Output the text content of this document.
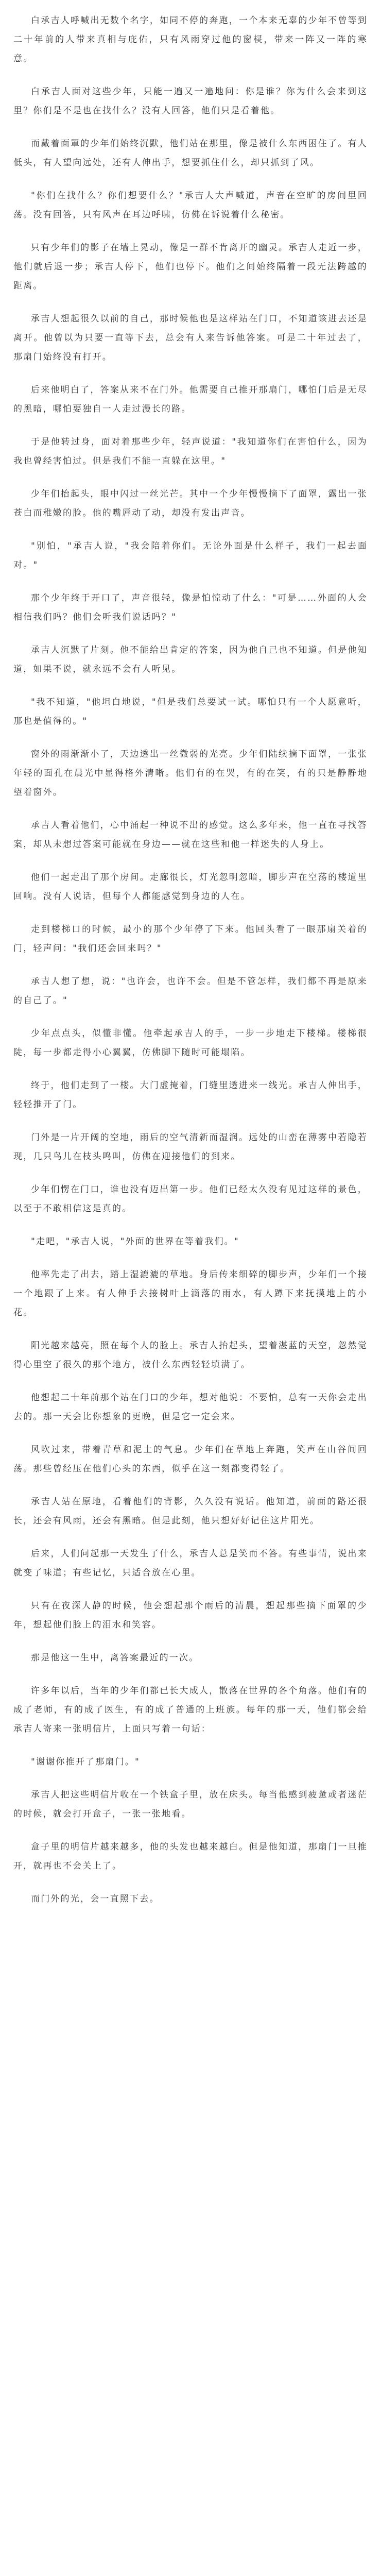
白承吉人呼喊出无数个名字，如同不停的奔跑，一个本来无辜的少年不曾等到二十年前的人带来真相与庇佑，只有风雨穿过他的窗棂，带来一阵又一阵的寒意。

白承吉人面对这些少年，只能一遍又一遍地问：你是谁？你为什么会来到这里？你们是不是也在找什么？没有人回答，他们只是看着他。

而戴着面罩的少年们始终沉默，他们站在那里，像是被什么东西困住了。有人低头，有人望向远处，还有人伸出手，想要抓住什么，却只抓到了风。

"你们在找什么？你们想要什么？"承吉人大声喊道，声音在空旷的房间里回荡。没有回答，只有风声在耳边呼啸，仿佛在诉说着什么秘密。

只有少年们的影子在墙上晃动，像是一群不肯离开的幽灵。承吉人走近一步，他们就后退一步；承吉人停下，他们也停下。他们之间始终隔着一段无法跨越的距离。

承吉人想起很久以前的自己，那时候他也是这样站在门口，不知道该进去还是离开。他曾以为只要一直等下去，总会有人来告诉他答案。可是二十年过去了，那扇门始终没有打开。

后来他明白了，答案从来不在门外。他需要自己推开那扇门，哪怕门后是无尽的黑暗，哪怕要独自一人走过漫长的路。

于是他转过身，面对着那些少年，轻声说道："我知道你们在害怕什么，因为我也曾经害怕过。但是我们不能一直躲在这里。"

少年们抬起头，眼中闪过一丝光芒。其中一个少年慢慢摘下了面罩，露出一张苍白而稚嫩的脸。他的嘴唇动了动，却没有发出声音。

"别怕，"承吉人说，"我会陪着你们。无论外面是什么样子，我们一起去面对。"

那个少年终于开口了，声音很轻，像是怕惊动了什么："可是……外面的人会相信我们吗？他们会听我们说话吗？"

承吉人沉默了片刻。他不能给出肯定的答案，因为他自己也不知道。但是他知道，如果不说，就永远不会有人听见。

"我不知道，"他坦白地说，"但是我们总要试一试。哪怕只有一个人愿意听，那也是值得的。"

窗外的雨渐渐小了，天边透出一丝微弱的光亮。少年们陆续摘下面罩，一张张年轻的面孔在晨光中显得格外清晰。他们有的在哭，有的在笑，有的只是静静地望着窗外。

承吉人看着他们，心中涌起一种说不出的感觉。这么多年来，他一直在寻找答案，却从未想过答案可能就在身边——就在这些和他一样迷失的人身上。

他们一起走出了那个房间。走廊很长，灯光忽明忽暗，脚步声在空荡的楼道里回响。没有人说话，但每个人都能感觉到身边的人在。

走到楼梯口的时候，最小的那个少年停了下来。他回头看了一眼那扇关着的门，轻声问："我们还会回来吗？"

承吉人想了想，说："也许会，也许不会。但是不管怎样，我们都不再是原来的自己了。"

少年点点头，似懂非懂。他牵起承吉人的手，一步一步地走下楼梯。楼梯很陡，每一步都走得小心翼翼，仿佛脚下随时可能塌陷。

终于，他们走到了一楼。大门虚掩着，门缝里透进来一线光。承吉人伸出手，轻轻推开了门。

门外是一片开阔的空地，雨后的空气清新而湿润。远处的山峦在薄雾中若隐若现，几只鸟儿在枝头鸣叫，仿佛在迎接他们的到来。

少年们愣在门口，谁也没有迈出第一步。他们已经太久没有见过这样的景色，以至于不敢相信这是真的。

"走吧，"承吉人说，"外面的世界在等着我们。"

他率先走了出去，踏上湿漉漉的草地。身后传来细碎的脚步声，少年们一个接一个地跟了上来。有人伸手去接树叶上滴落的雨水，有人蹲下来抚摸地上的小花。

阳光越来越亮，照在每个人的脸上。承吉人抬起头，望着湛蓝的天空，忽然觉得心里空了很久的那个地方，被什么东西轻轻填满了。

他想起二十年前那个站在门口的少年，想对他说：不要怕，总有一天你会走出去的。那一天会比你想象的更晚，但是它一定会来。

风吹过来，带着青草和泥土的气息。少年们在草地上奔跑，笑声在山谷间回荡。那些曾经压在他们心头的东西，似乎在这一刻都变得轻了。

承吉人站在原地，看着他们的背影，久久没有说话。他知道，前面的路还很长，还会有风雨，还会有黑暗。但是此刻，他只想好好记住这片阳光。

后来，人们问起那一天发生了什么，承吉人总是笑而不答。有些事情，说出来就变了味道；有些记忆，只适合放在心里。

只有在夜深人静的时候，他会想起那个雨后的清晨，想起那些摘下面罩的少年，想起他们脸上的泪水和笑容。

那是他这一生中，离答案最近的一次。

许多年以后，当年的少年们都已长大成人，散落在世界的各个角落。他们有的成了老师，有的成了医生，有的成了普通的上班族。每年的那一天，他们都会给承吉人寄来一张明信片，上面只写着一句话：

"谢谢你推开了那扇门。"

承吉人把这些明信片收在一个铁盒子里，放在床头。每当他感到疲惫或者迷茫的时候，就会打开盒子，一张一张地看。

盒子里的明信片越来越多，他的头发也越来越白。但是他知道，那扇门一旦推开，就再也不会关上了。

而门外的光，会一直照下去。
